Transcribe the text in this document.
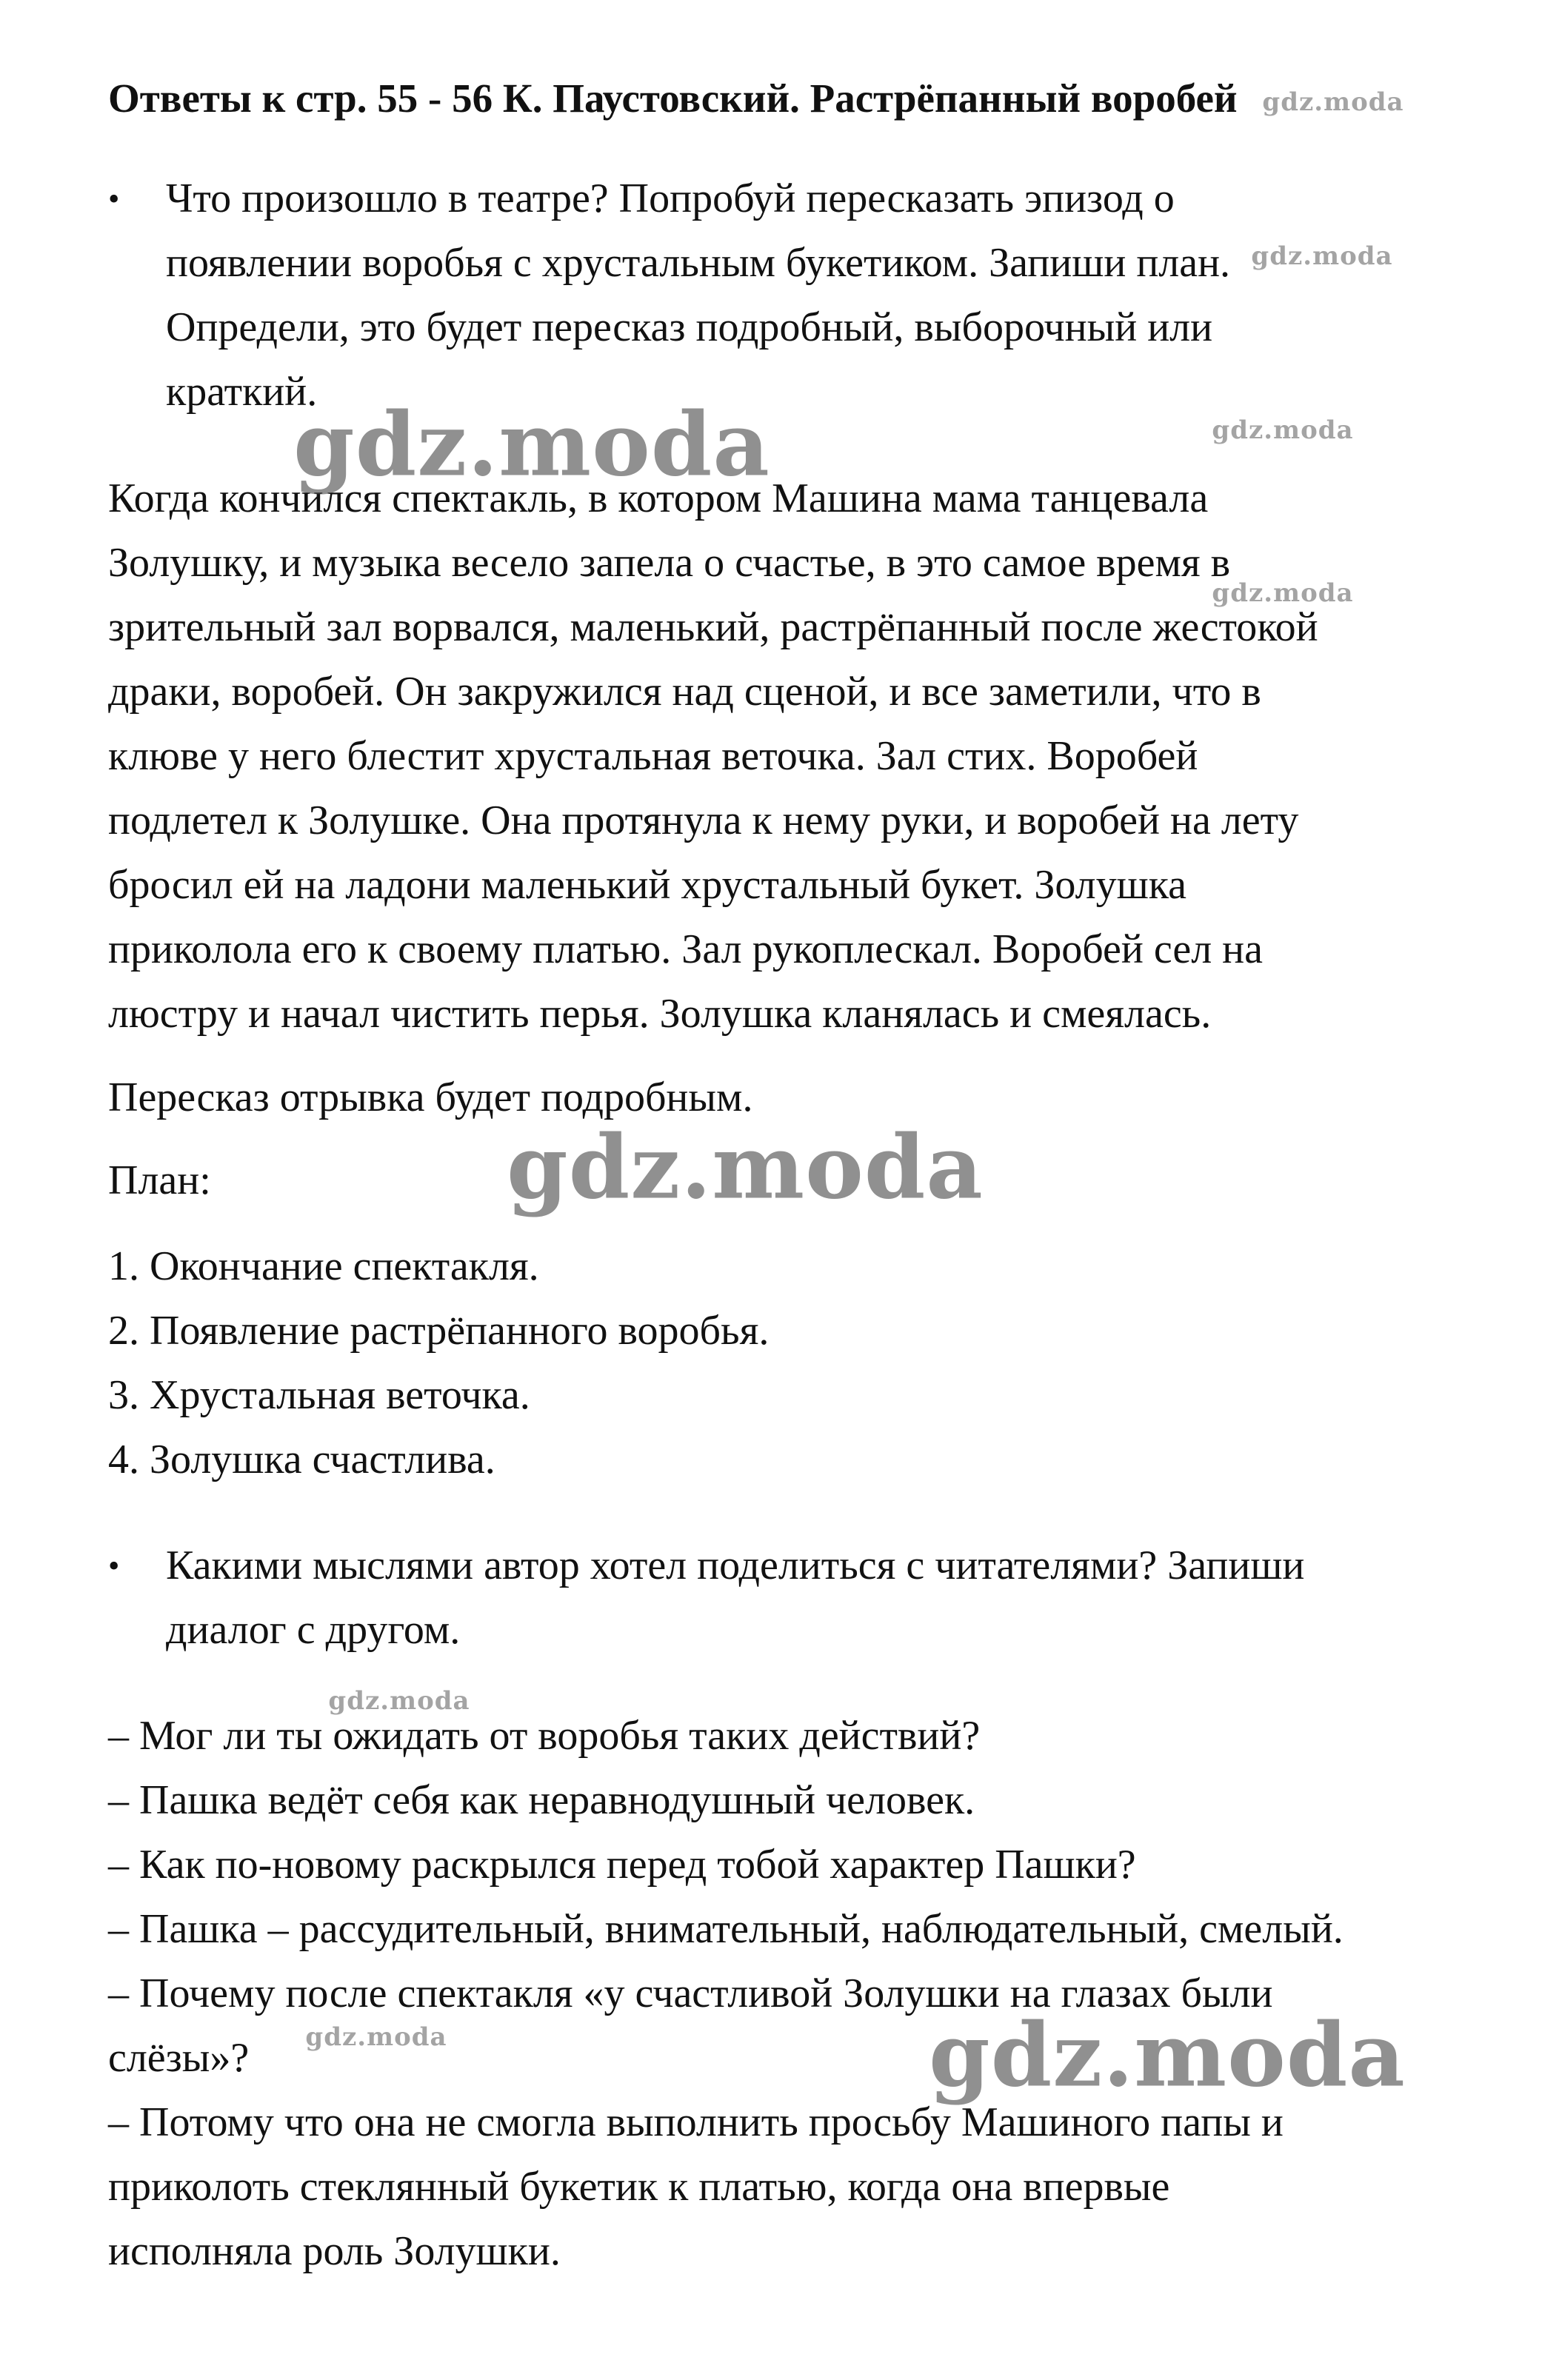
Ответы к стр. 55 - 56 К. Паустовский. Растрёпанный воробей
• Что произошло в театре? Попробуй пересказать эпизод о
появлении воробья с хрустальным букетиком. Запиши план.
Определи, это будет пересказ подробный, выборочный или
краткий.
Когда кончился спектакль, в котором Машина мама танцевала
Золушку, и музыка весело запела о счастье, в это самое время в
зрительный зал ворвался, маленький, растрёпанный после жестокой
драки, воробей. Он закружился над сценой, и все заметили, что в
клюве у него блестит хрустальная веточка. Зал стих. Воробей
подлетел к Золушке. Она протянула к нему руки, и воробей на лету
бросил ей на ладони маленький хрустальный букет. Золушка
приколола его к своему платью. Зал рукоплескал. Воробей сел на
люстру и начал чистить перья. Золушка кланялась и смеялась.
Пересказ отрывка будет подробным.
План:
1. Окончание спектакля.
2. Появление растрёпанного воробья.
3. Хрустальная веточка.
4. Золушка счастлива.
• Какими мыслями автор хотел поделиться с читателями? Запиши
диалог с другом.
– Мог ли ты ожидать от воробья таких действий?
– Пашка ведёт себя как неравнодушный человек.
– Как по-новому раскрылся перед тобой характер Пашки?
– Пашка – рассудительный, внимательный, наблюдательный, смелый.
– Почему после спектакля «у счастливой Золушки на глазах были
слёзы»?
– Потому что она не смогла выполнить просьбу Машиного папы и
приколоть стеклянный букетик к платью, когда она впервые
исполняла роль Золушки.
gdz.moda
gdz.moda
gdz.moda	gdz.moda
gdz.moda
gdz.moda
gdz.moda
gdz.moda	gdz.moda
